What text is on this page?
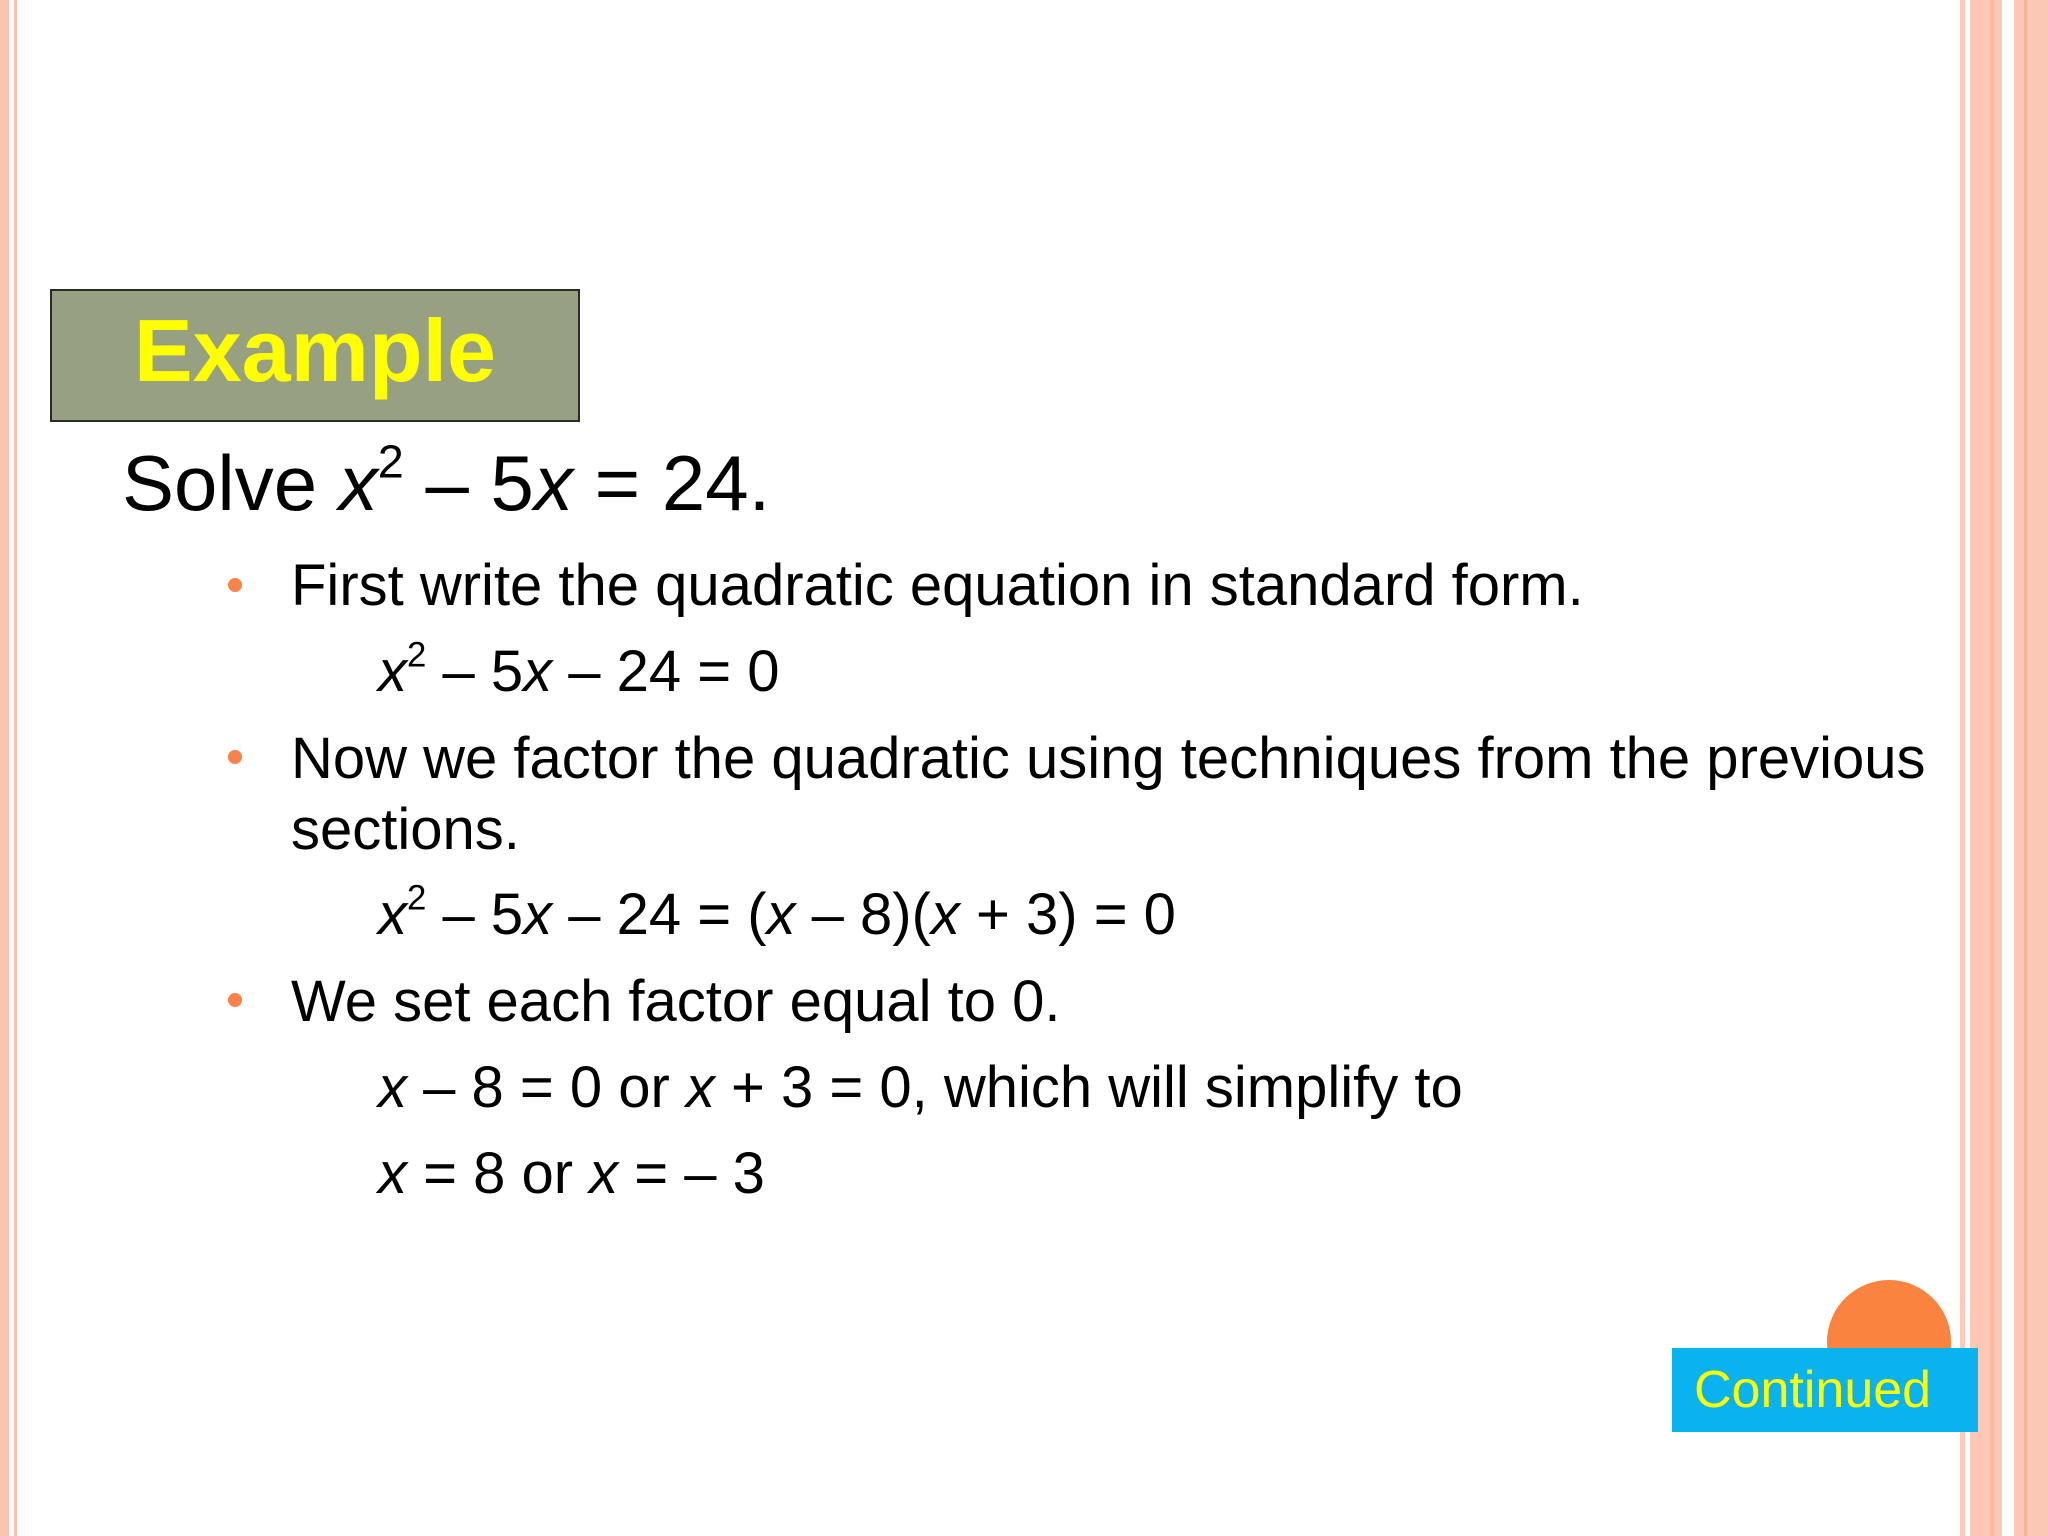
Example
Solve $x^2 - 5x = 24$.
First write the quadratic equation in standard form.
$x^2 - 5x - 24 = 0$
Now we factor the quadratic using techniques from the previous
sections.
$x^2 - 5x - 24 = (x - 8)(x + 3) = 0$
We set each factor equal to 0.
x – 8 = 0 or x + 3 = 0, which will simplify to
x = 8 or x = – 3
Continued
